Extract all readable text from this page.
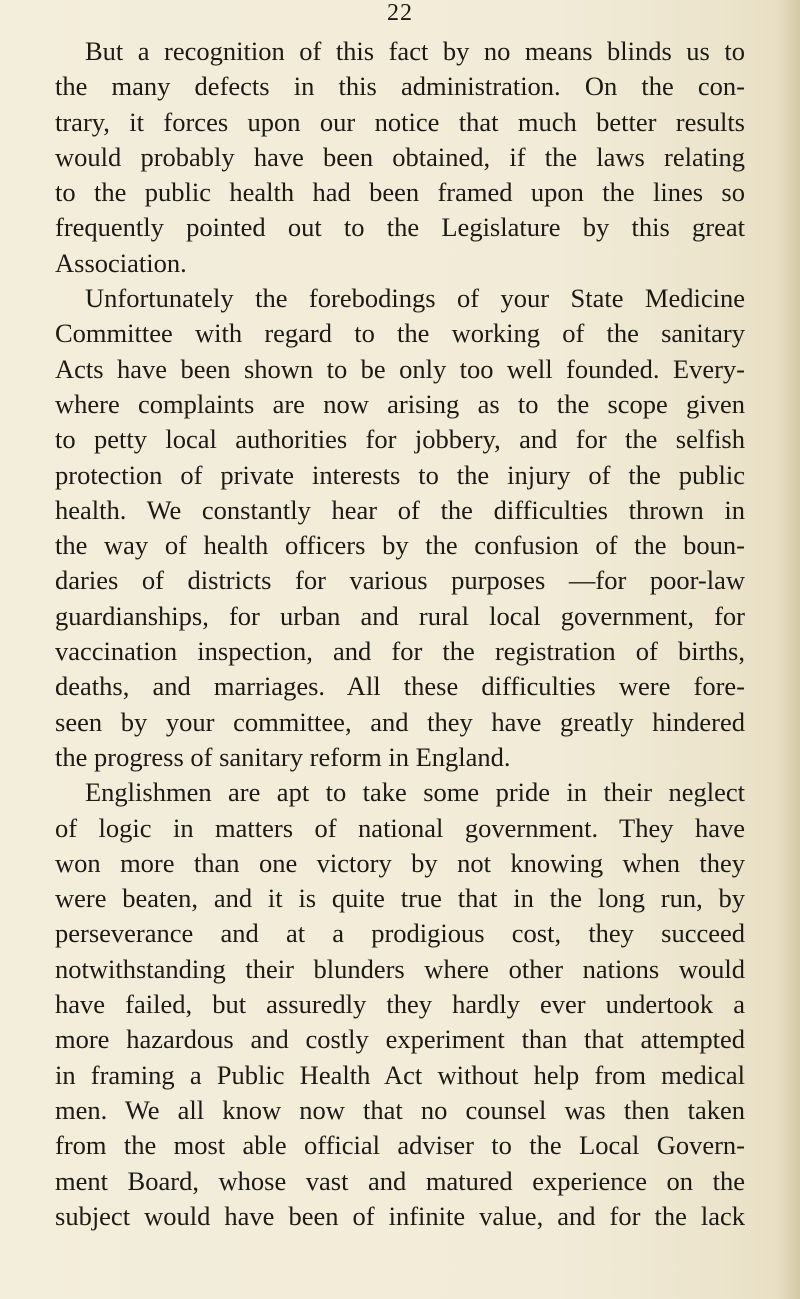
22
But a recognition of this fact by no means blinds us to
the many defects in this administration. On the con-
trary, it forces upon our notice that much better results
would probably have been obtained, if the laws relating
to the public health had been framed upon the lines so
frequently pointed out to the Legislature by this great
Association.
Unfortunately the forebodings of your State Medicine
Committee with regard to the working of the sanitary
Acts have been shown to be only too well founded. Every-
where complaints are now arising as to the scope given
to petty local authorities for jobbery, and for the selfish
protection of private interests to the injury of the public
health. We constantly hear of the difficulties thrown in
the way of health officers by the confusion of the boun-
daries of districts for various purposes —for poor-law
guardianships, for urban and rural local government, for
vaccination inspection, and for the registration of births,
deaths, and marriages. All these difficulties were fore-
seen by your committee, and they have greatly hindered
the progress of sanitary reform in England.
Englishmen are apt to take some pride in their neglect
of logic in matters of national government. They have
won more than one victory by not knowing when they
were beaten, and it is quite true that in the long run, by
perseverance and at a prodigious cost, they succeed
notwithstanding their blunders where other nations would
have failed, but assuredly they hardly ever undertook a
more hazardous and costly experiment than that attempted
in framing a Public Health Act without help from medical
men. We all know now that no counsel was then taken
from the most able official adviser to the Local Govern-
ment Board, whose vast and matured experience on the
subject would have been of infinite value, and for the lack
